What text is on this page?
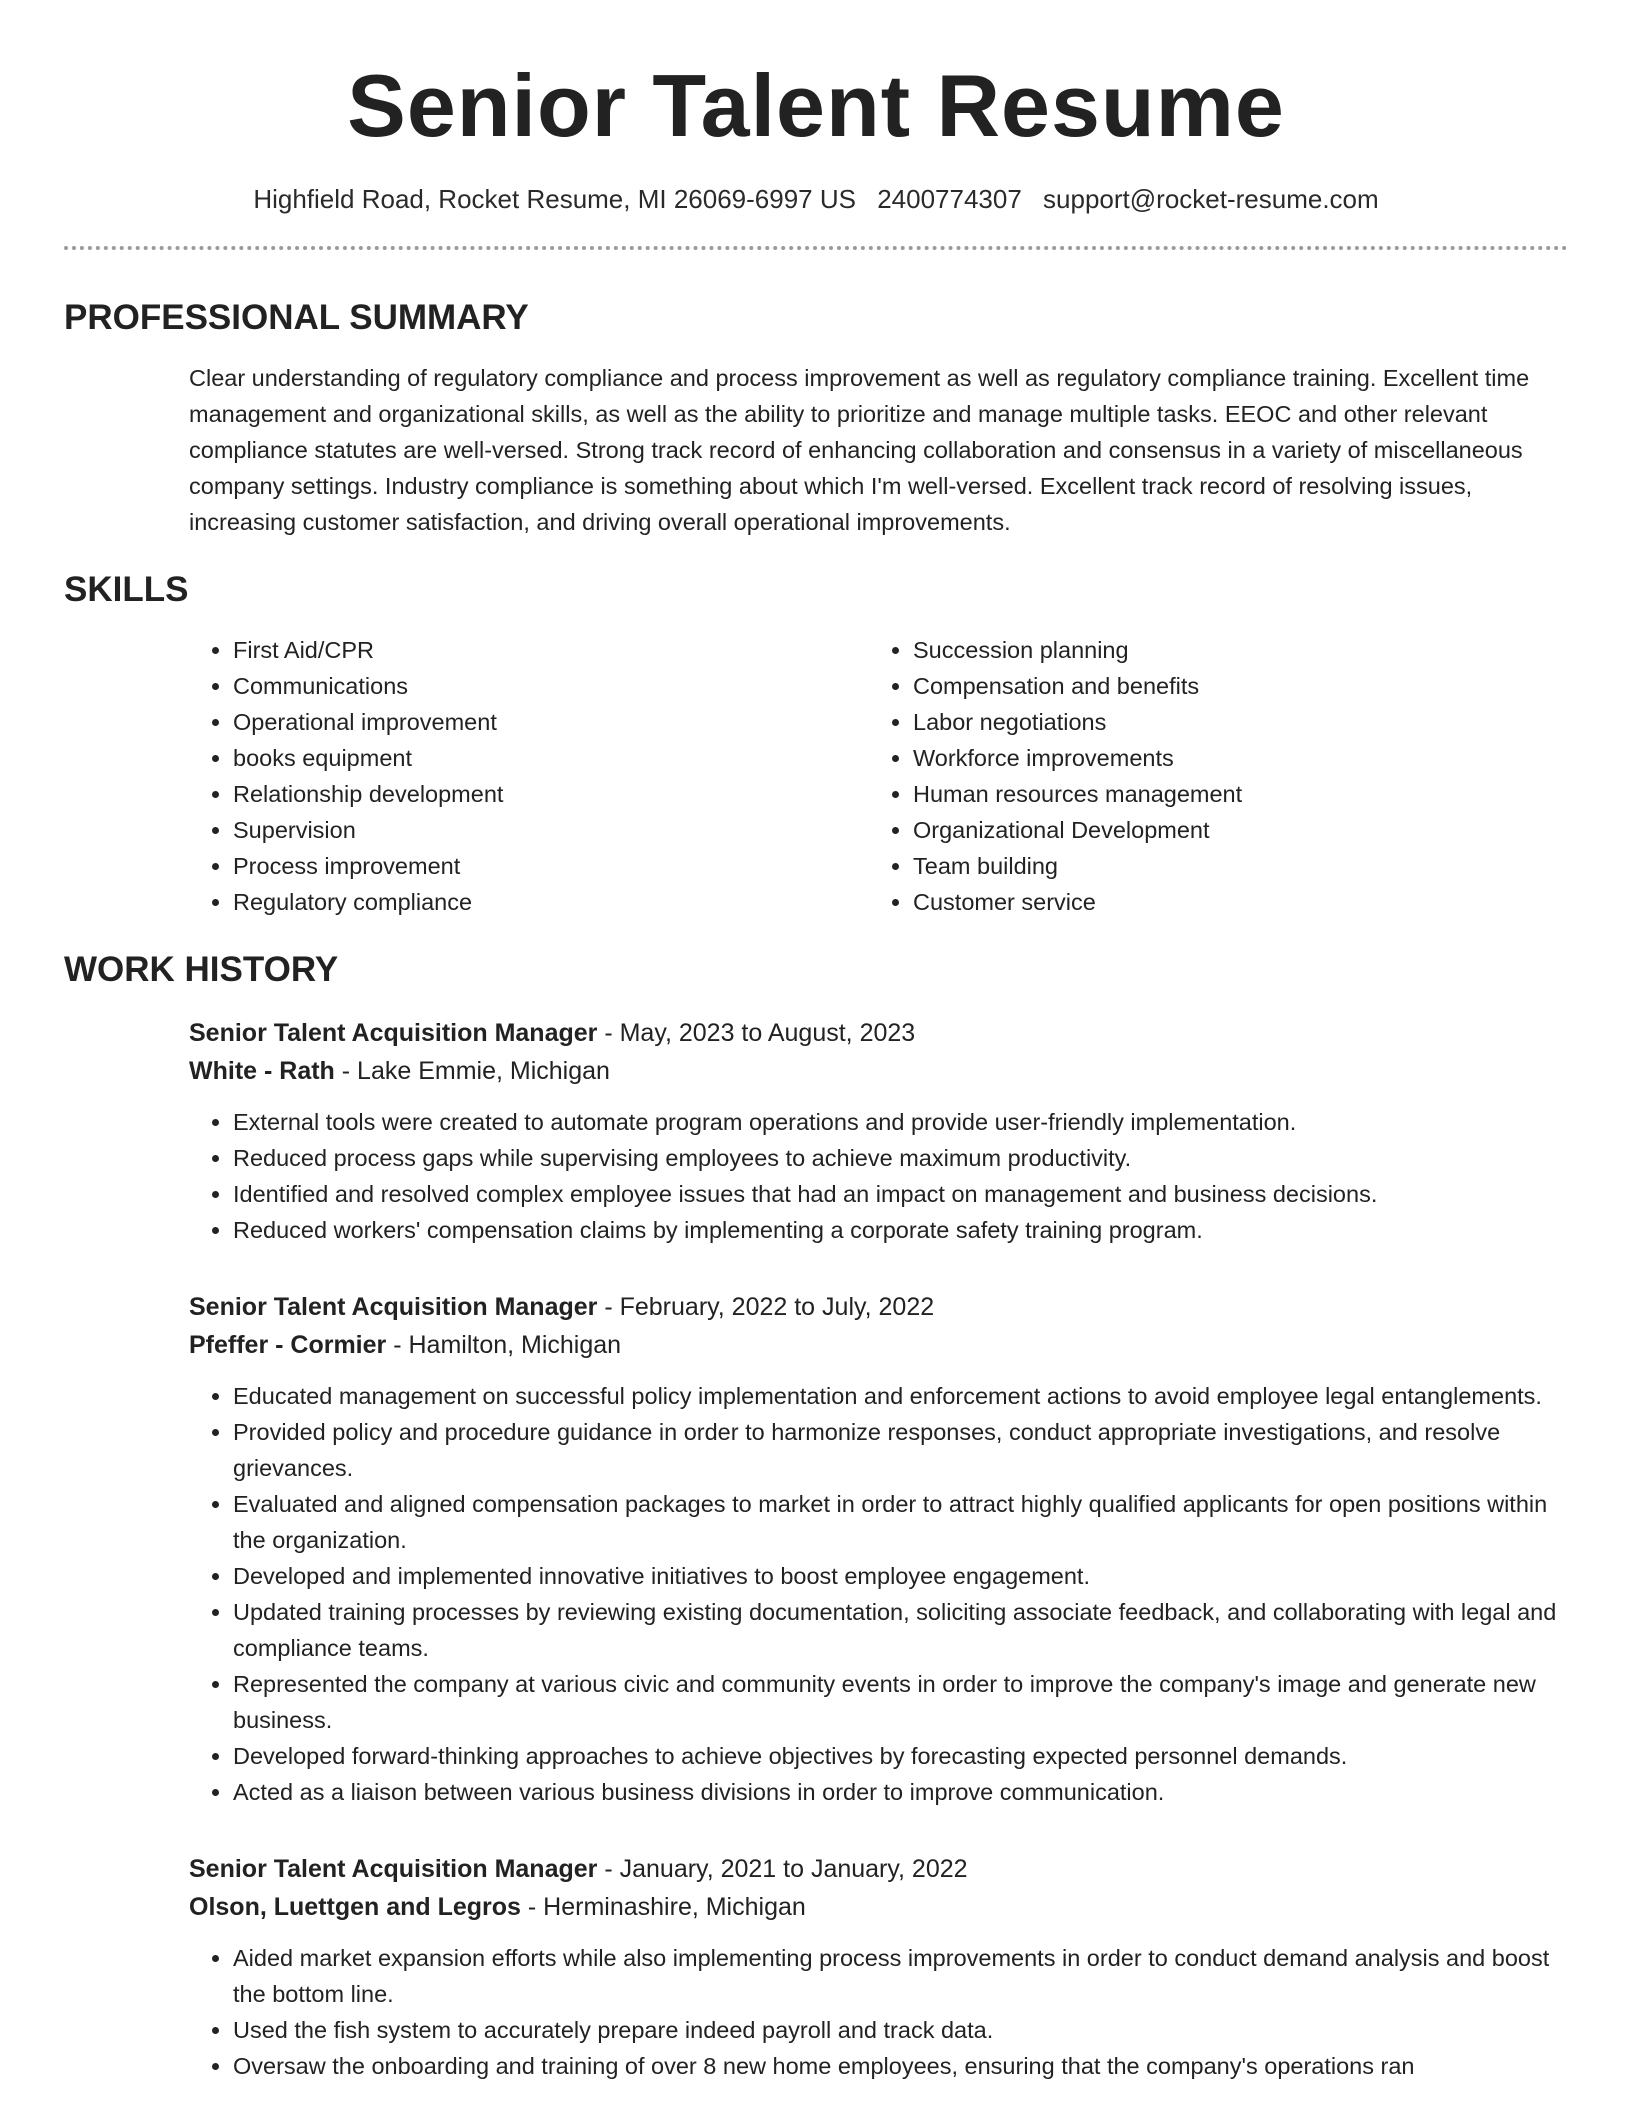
Senior Talent Resume
Highfield Road, Rocket Resume, MI 26069-6997 US 2400774307 support@rocket-resume.com
PROFESSIONAL SUMMARY
Clear understanding of regulatory compliance and process improvement as well as regulatory compliance training. Excellent time management and organizational skills, as well as the ability to prioritize and manage multiple tasks. EEOC and other relevant compliance statutes are well-versed. Strong track record of enhancing collaboration and consensus in a variety of miscellaneous company settings. Industry compliance is something about which I'm well-versed. Excellent track record of resolving issues, increasing customer satisfaction, and driving overall operational improvements.
SKILLS
• First Aid/CPR
• Communications
• Operational improvement
• books equipment
• Relationship development
• Supervision
• Process improvement
• Regulatory compliance
• Succession planning
• Compensation and benefits
• Labor negotiations
• Workforce improvements
• Human resources management
• Organizational Development
• Team building
• Customer service
WORK HISTORY
Senior Talent Acquisition Manager - May, 2023 to August, 2023
White - Rath - Lake Emmie, Michigan
• External tools were created to automate program operations and provide user-friendly implementation.
• Reduced process gaps while supervising employees to achieve maximum productivity.
• Identified and resolved complex employee issues that had an impact on management and business decisions.
• Reduced workers' compensation claims by implementing a corporate safety training program.
Senior Talent Acquisition Manager - February, 2022 to July, 2022
Pfeffer - Cormier - Hamilton, Michigan
• Educated management on successful policy implementation and enforcement actions to avoid employee legal entanglements.
• Provided policy and procedure guidance in order to harmonize responses, conduct appropriate investigations, and resolve grievances.
• Evaluated and aligned compensation packages to market in order to attract highly qualified applicants for open positions within the organization.
• Developed and implemented innovative initiatives to boost employee engagement.
• Updated training processes by reviewing existing documentation, soliciting associate feedback, and collaborating with legal and compliance teams.
• Represented the company at various civic and community events in order to improve the company's image and generate new business.
• Developed forward-thinking approaches to achieve objectives by forecasting expected personnel demands.
• Acted as a liaison between various business divisions in order to improve communication.
Senior Talent Acquisition Manager - January, 2021 to January, 2022
Olson, Luettgen and Legros - Herminashire, Michigan
• Aided market expansion efforts while also implementing process improvements in order to conduct demand analysis and boost the bottom line.
• Used the fish system to accurately prepare indeed payroll and track data.
• Oversaw the onboarding and training of over 8 new home employees, ensuring that the company's operations ran
